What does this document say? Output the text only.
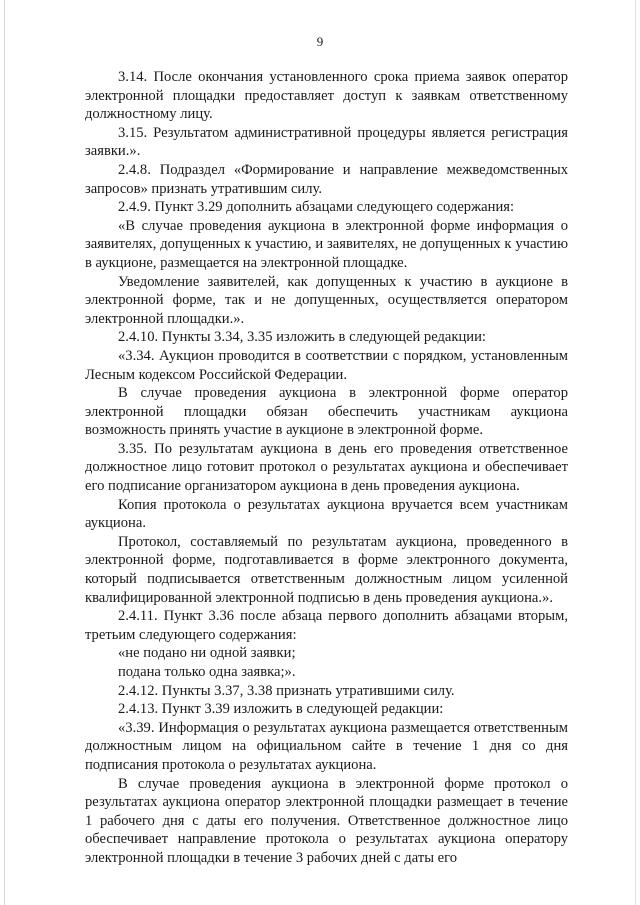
9

3.14. После окончания установленного срока приема заявок оператор электронной площадки предоставляет доступ к заявкам ответственному должностному лицу.

3.15. Результатом административной процедуры является регистрация заявки.».

2.4.8. Подраздел «Формирование и направление межведомственных запросов» признать утратившим силу.

2.4.9. Пункт 3.29 дополнить абзацами следующего содержания:

«В случае проведения аукциона в электронной форме информация о заявителях, допущенных к участию, и заявителях, не допущенных к участию в аукционе, размещается на электронной площадке.

Уведомление заявителей, как допущенных к участию в аукционе в электронной форме, так и не допущенных, осуществляется оператором электронной площадки.».

2.4.10. Пункты 3.34, 3.35 изложить в следующей редакции:

«3.34. Аукцион проводится в соответствии с порядком, установленным Лесным кодексом Российской Федерации.

В случае проведения аукциона в электронной форме оператор электронной площадки обязан обеспечить участникам аукциона возможность принять участие в аукционе в электронной форме.

3.35. По результатам аукциона в день его проведения ответственное должностное лицо готовит протокол о результатах аукциона и обеспечивает его подписание организатором аукциона в день проведения аукциона.

Копия протокола о результатах аукциона вручается всем участникам аукциона.

Протокол, составляемый по результатам аукциона, проведенного в электронной форме, подготавливается в форме электронного документа, который подписывается ответственным должностным лицом усиленной квалифицированной электронной подписью в день проведения аукциона.».

2.4.11. Пункт 3.36 после абзаца первого дополнить абзацами вторым, третьим следующего содержания:

«не подано ни одной заявки;

подана только одна заявка;».

2.4.12. Пункты 3.37, 3.38 признать утратившими силу.

2.4.13. Пункт 3.39 изложить в следующей редакции:

«3.39. Информация о результатах аукциона размещается ответственным должностным лицом на официальном сайте в течение 1 дня со дня подписания протокола о результатах аукциона.

В случае проведения аукциона в электронной форме протокол о результатах аукциона оператор электронной площадки размещает в течение 1 рабочего дня с даты его получения. Ответственное должностное лицо обеспечивает направление протокола о результатах аукциона оператору электронной площадки в течение 3 рабочих дней с даты его
